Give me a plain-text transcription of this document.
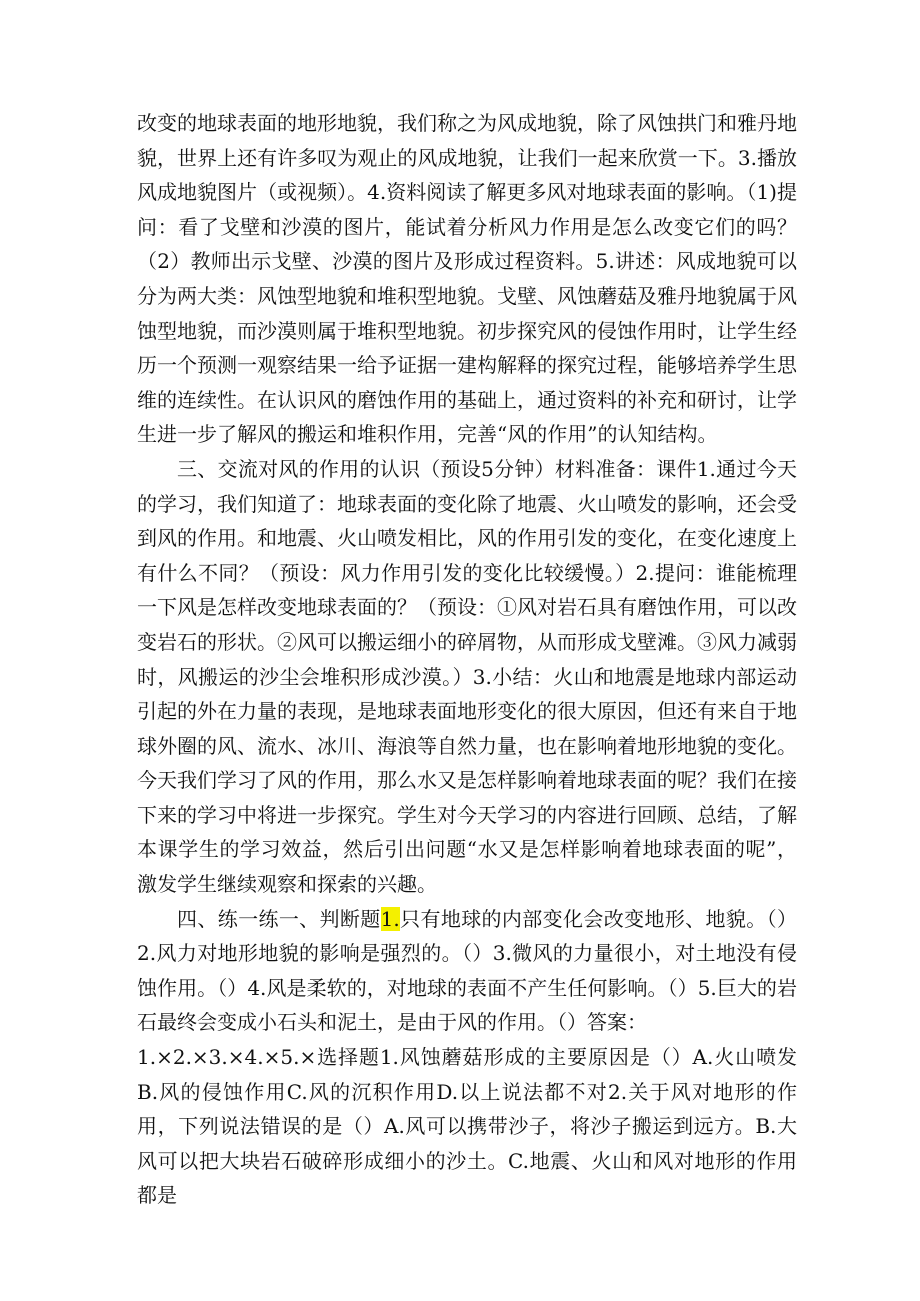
改变的地球表面的地形地貌，我们称之为风成地貌，除了风蚀拱门和雅丹地貌，世界上还有许多叹为观止的风成地貌，让我们一起来欣赏一下。3.播放风成地貌图片（或视频）。4.资料阅读了解更多风对地球表面的影响。（1)提问：看了戈壁和沙漠的图片，能试着分析风力作用是怎么改变它们的吗？（2）教师出示戈壁、沙漠的图片及形成过程资料。5.讲述：风成地貌可以分为两大类：风蚀型地貌和堆积型地貌。戈壁、风蚀蘑菇及雅丹地貌属于风蚀型地貌，而沙漠则属于堆积型地貌。初步探究风的侵蚀作用时，让学生经历一个预测一观察结果一给予证据一建构解释的探究过程，能够培养学生思维的连续性。在认识风的磨蚀作用的基础上，通过资料的补充和研讨，让学生进一步了解风的搬运和堆积作用，完善“风的作用”的认知结构。

三、交流对风的作用的认识（预设5分钟）材料准备：课件1.通过今天的学习，我们知道了：地球表面的变化除了地震、火山喷发的影响，还会受到风的作用。和地震、火山喷发相比，风的作用引发的变化，在变化速度上有什么不同？（预设：风力作用引发的变化比较缓慢。）2.提问：谁能梳理一下风是怎样改变地球表面的？（预设：①风对岩石具有磨蚀作用，可以改变岩石的形状。②风可以搬运细小的碎屑物，从而形成戈壁滩。③风力减弱时，风搬运的沙尘会堆积形成沙漠。）3.小结：火山和地震是地球内部运动引起的外在力量的表现，是地球表面地形变化的很大原因，但还有来自于地球外圈的风、流水、冰川、海浪等自然力量，也在影响着地形地貌的变化。今天我们学习了风的作用，那么水又是怎样影响着地球表面的呢？我们在接下来的学习中将进一步探究。学生对今天学习的内容进行回顾、总结，了解本课学生的学习效益，然后引出问题“水又是怎样影响着地球表面的呢”，激发学生继续观察和探索的兴趣。

四、练一练一、判断题1.只有地球的内部变化会改变地形、地貌。（）2.风力对地形地貌的影响是强烈的。（）3.微风的力量很小，对土地没有侵蚀作用。（）4.风是柔软的，对地球的表面不产生任何影响。（）5.巨大的岩石最终会变成小石头和泥土，是由于风的作用。（）答案：

1.×2.×3.×4.×5.×选择题1.风蚀蘑菇形成的主要原因是（）A.火山喷发B.风的侵蚀作用C.风的沉积作用D.以上说法都不对2.关于风对地形的作用，下列说法错误的是（）A.风可以携带沙子，将沙子搬运到远方。B.大风可以把大块岩石破碎形成细小的沙土。C.地震、火山和风对地形的作用都是
